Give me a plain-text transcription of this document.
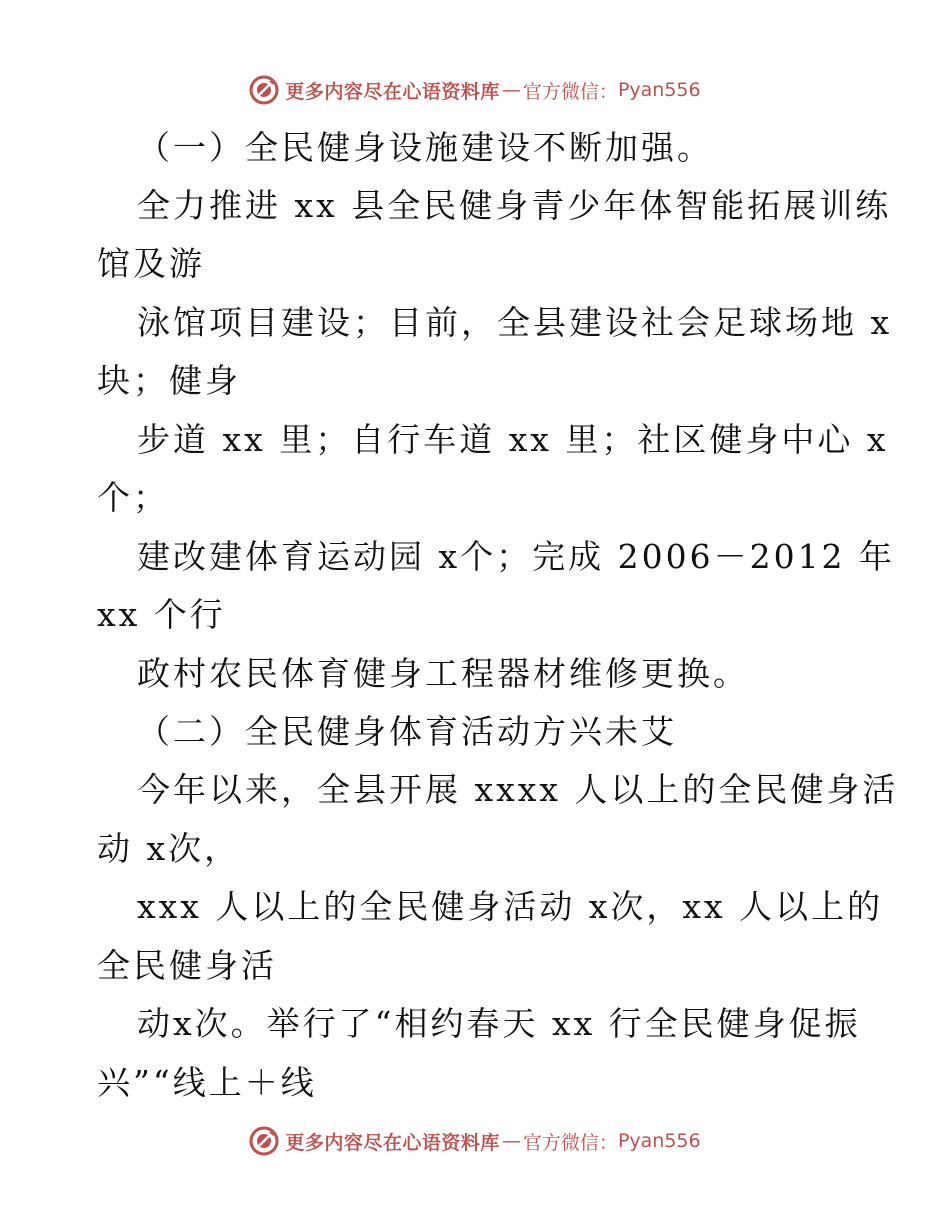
更多内容尽在心语资料库 — 官方微信： Pyan556
（一）全民健身设施建设不断加强。
全力推进 xx 县全民健身青少年体智能拓展训练
馆及游
泳馆项目建设；目前，全县建设社会足球场地 x
块；健身
步道 xx 里；自行车道 xx 里；社区健身中心 x
个；
建改建体育运动园 x个；完成 2006－2012 年
xx 个行
政村农民体育健身工程器材维修更换。
（二）全民健身体育活动方兴未艾
今年以来，全县开展 xxxx 人以上的全民健身活
动 x次，
xxx 人以上的全民健身活动 x次，xx 人以上的
全民健身活
动x次。举行了“相约春天 xx 行全民健身促振
兴”“线上＋线
更多内容尽在心语资料库 — 官方微信： Pyan556
